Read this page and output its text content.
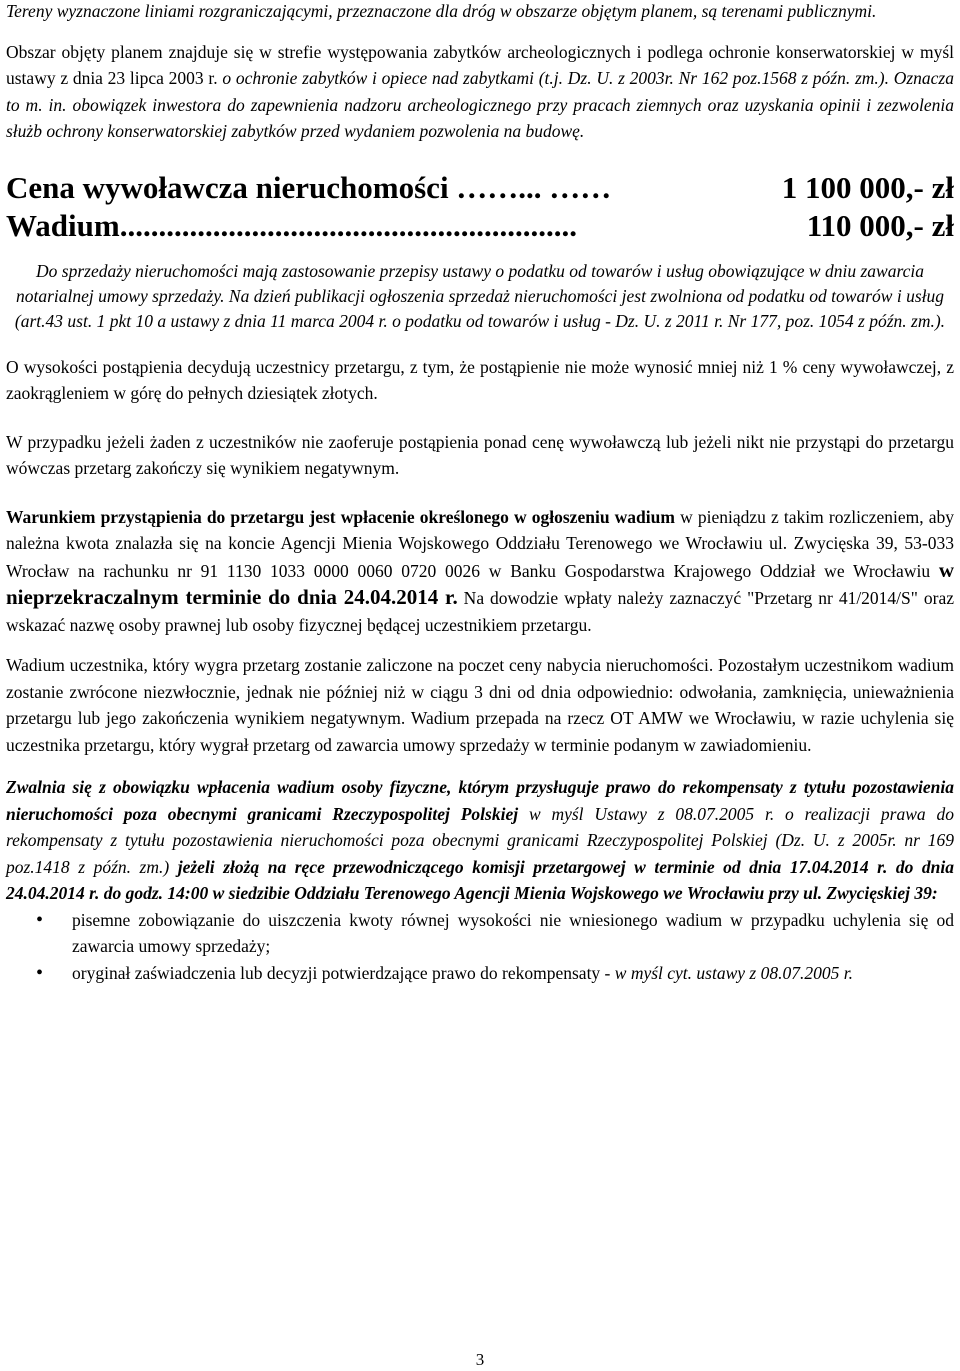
Tereny wyznaczone liniami rozgraniczającymi, przeznaczone dla dróg w obszarze objętym planem, są terenami publicznymi.

Obszar objęty planem znajduje się w strefie występowania zabytków archeologicznych i podlega ochronie konserwatorskiej w myśl ustawy z dnia 23 lipca 2003 r. o ochronie zabytków i opiece nad zabytkami (t.j. Dz. U. z 2003r. Nr 162 poz.1568 z późn. zm.). Oznacza to m. in. obowiązek inwestora do zapewnienia nadzoru archeologicznego przy pracach ziemnych oraz uzyskania opinii i zezwolenia służb ochrony konserwatorskiej zabytków przed wydaniem pozwolenia na budowę.

Cena wywoławcza nieruchomości ……... ……	1 100 000,- zł
Wadium...........................................................	110 000,- zł

Do sprzedaży nieruchomości mają zastosowanie przepisy ustawy o podatku od towarów i usług obowiązujące w dniu zawarcia notarialnej umowy sprzedaży. Na dzień publikacji ogłoszenia sprzedaż nieruchomości jest zwolniona od podatku od towarów i usług (art.43 ust. 1 pkt 10 a ustawy z dnia 11 marca 2004 r. o podatku od towarów i usług - Dz. U. z 2011 r. Nr 177, poz. 1054 z późn. zm.).

O wysokości postąpienia decydują uczestnicy przetargu, z tym, że postąpienie nie może wynosić mniej niż 1 % ceny wywoławczej, z zaokrągleniem w górę do pełnych dziesiątek złotych.

W przypadku jeżeli żaden z uczestników nie zaoferuje postąpienia ponad cenę wywoławczą lub jeżeli nikt nie przystąpi do przetargu wówczas przetarg zakończy się wynikiem negatywnym.

Warunkiem przystąpienia do przetargu jest wpłacenie określonego w ogłoszeniu wadium w pieniądzu z takim rozliczeniem, aby należna kwota znalazła się na koncie Agencji Mienia Wojskowego Oddziału Terenowego we Wrocławiu ul. Zwycięska 39, 53-033 Wrocław na rachunku nr 91 1130 1033 0000 0060 0720 0026 w Banku Gospodarstwa Krajowego Oddział we Wrocławiu w nieprzekraczalnym terminie do dnia 24.04.2014 r. Na dowodzie wpłaty należy zaznaczyć "Przetarg nr 41/2014/S" oraz wskazać nazwę osoby prawnej lub osoby fizycznej będącej uczestnikiem przetargu.

Wadium uczestnika, który wygra przetarg zostanie zaliczone na poczet ceny nabycia nieruchomości. Pozostałym uczestnikom wadium zostanie zwrócone niezwłocznie, jednak nie później niż w ciągu 3 dni od dnia odpowiednio: odwołania, zamknięcia, unieważnienia przetargu lub jego zakończenia wynikiem negatywnym. Wadium przepada na rzecz OT AMW we Wrocławiu, w razie uchylenia się uczestnika przetargu, który wygrał przetarg od zawarcia umowy sprzedaży w terminie podanym w zawiadomieniu.

Zwalnia się z obowiązku wpłacenia wadium osoby fizyczne, którym przysługuje prawo do rekompensaty z tytułu pozostawienia nieruchomości poza obecnymi granicami Rzeczypospolitej Polskiej w myśl Ustawy z 08.07.2005 r. o realizacji prawa do rekompensaty z tytułu pozostawienia nieruchomości poza obecnymi granicami Rzeczypospolitej Polskiej (Dz. U. z 2005r. nr 169 poz.1418 z późn. zm.) jeżeli złożą na ręce przewodniczącego komisji przetargowej w terminie od dnia 17.04.2014 r. do dnia 24.04.2014 r. do godz. 14:00 w siedzibie Oddziału Terenowego Agencji Mienia Wojskowego we Wrocławiu przy ul. Zwycięskiej 39:

• pisemne zobowiązanie do uiszczenia kwoty równej wysokości nie wniesionego wadium w przypadku uchylenia się od zawarcia umowy sprzedaży;
• oryginał zaświadczenia lub decyzji potwierdzające prawo do rekompensaty - w myśl cyt. ustawy z 08.07.2005 r.
3
